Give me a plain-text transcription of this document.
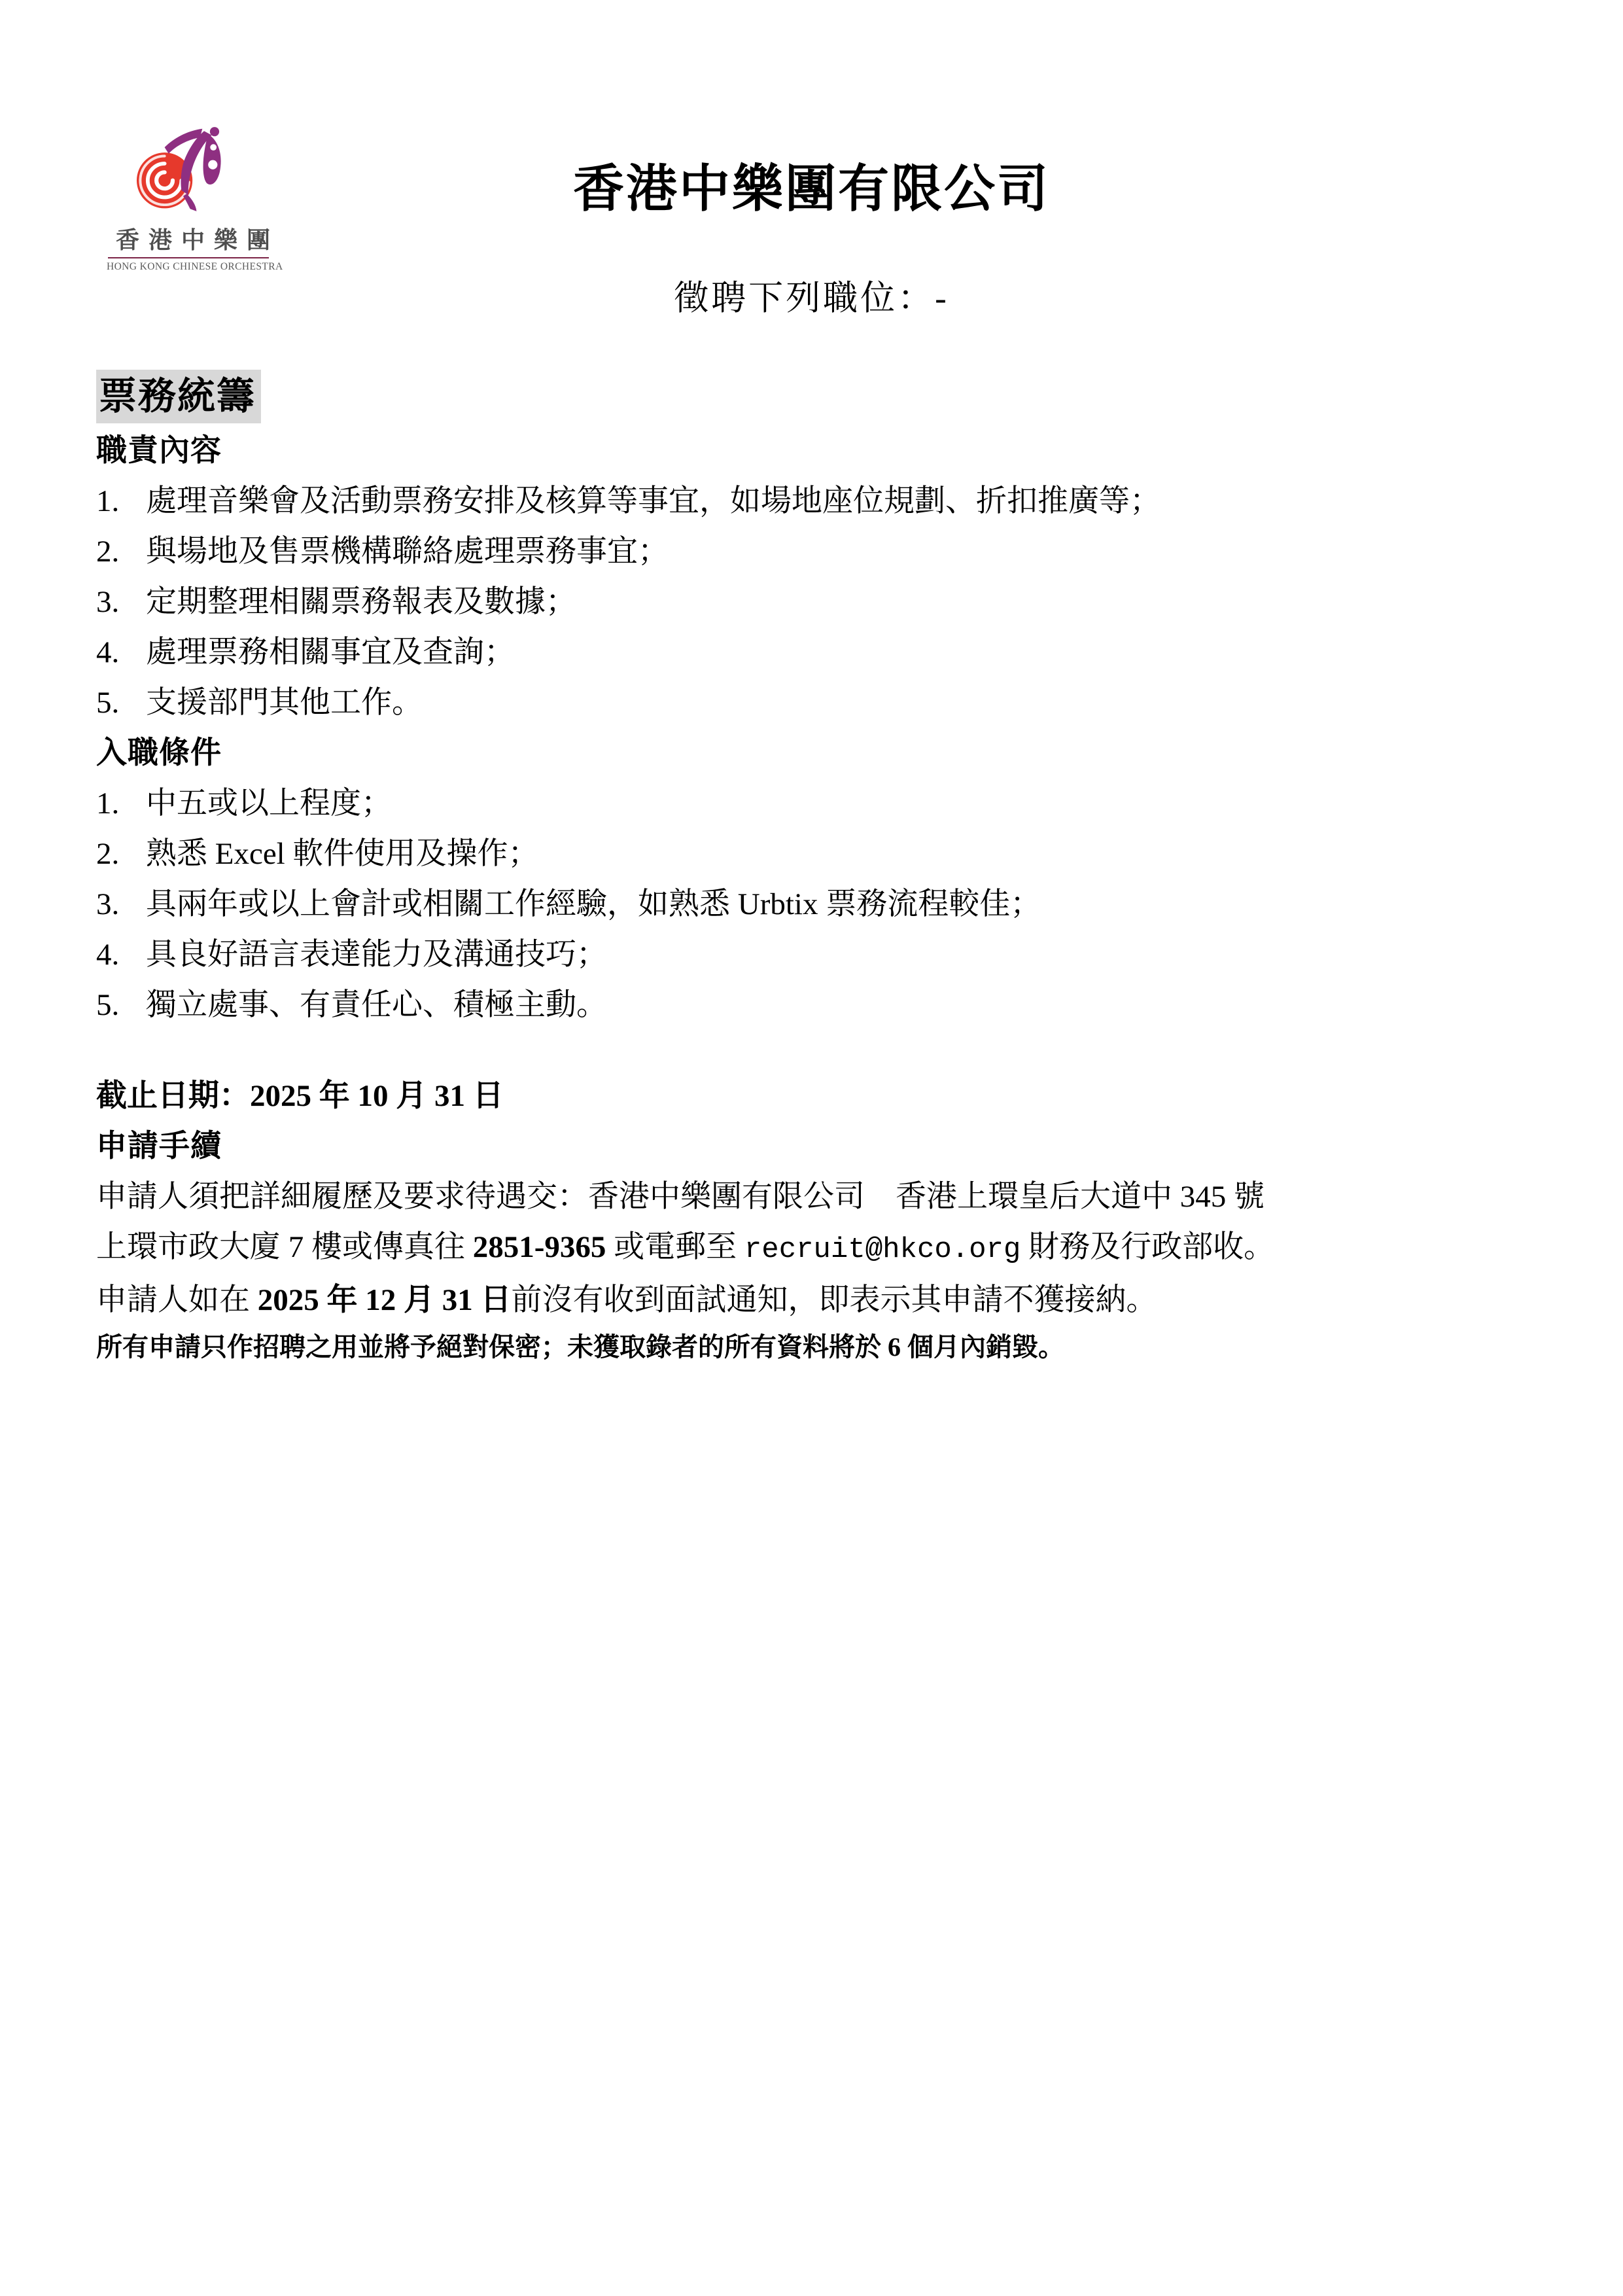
香港中樂團
HONG KONG CHINESE ORCHESTRA
香港中樂團有限公司
徵聘下列職位：-
票務統籌
職責內容
1. 處理音樂會及活動票務安排及核算等事宜，如場地座位規劃、折扣推廣等；
2. 與場地及售票機構聯絡處理票務事宜；
3. 定期整理相關票務報表及數據；
4. 處理票務相關事宜及查詢；
5. 支援部門其他工作。
入職條件
1. 中五或以上程度；
2. 熟悉 Excel 軟件使用及操作；
3. 具兩年或以上會計或相關工作經驗，如熟悉 Urbtix 票務流程較佳；
4. 具良好語言表達能力及溝通技巧；
5. 獨立處事、有責任心、積極主動。

截止日期：2025 年 10 月 31 日

申請手續

申請人須把詳細履歷及要求待遇交：香港中樂團有限公司　香港上環皇后大道中 345 號

上環市政大廈 7 樓或傳真往 2851-9365 或電郵至 recruit@hkco.org 財務及行政部收。

申請人如在 2025 年 12 月 31 日前沒有收到面試通知，即表示其申請不獲接納。

所有申請只作招聘之用並將予絕對保密；未獲取錄者的所有資料將於 6 個月內銷毀。
